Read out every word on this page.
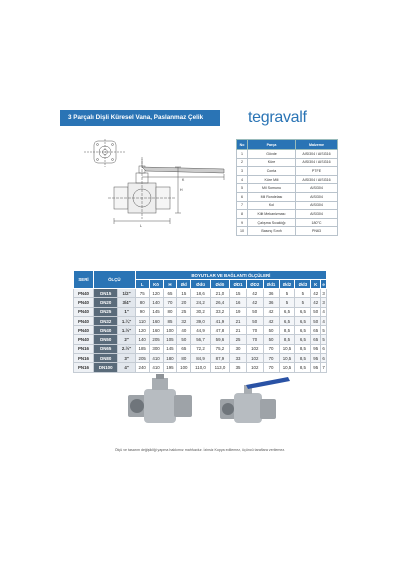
3 Parçalı Dişli Küresel Vana, Paslanmaz Çelik	tegravalf
L
H
K
No	Parça	Malzeme
1	Gövde	AISI304 / AISI316
2	Küre	AISI304 / AISI316
3	Conta	PTFE
4	Küre Mili	AISI304 / AISI316
5	Mil Somunu	AISI304
6	Mil Rondelası	AISI304
7	Kol	AISI304
8	Kilit Mekanizması	AISI304
9	Çalışma Sıcaklığı	180°C
10	Basınç Sınıfı	PN63
SERİ	ÖLÇÜ		BOYUTLAR VE BAĞLANTI ÖLÇÜLERİ												
			L	Kö	H	Ød	Ødü	Ødö	ØD1	ØD2	Ød1	Ød2	Ød3	K	e
PN40	DN15	1/2"	75	120	65	15	18,6	21,0	15	42	36	5	5	42	3
PN40	DN20	3/4"	80	140	70	20	24,2	26,4	16	42	36	5	5	42	3
PN40	DN25	1"	90	145	80	25	30,2	33,2	19	50	42	6,5	6,5	50	4
PN40	DN32	1.¼"	110	160	85	32	39,0	41,9	21	50	42	6,5	6,5	50	4
PN40	DN40	1.½"	120	160	100	40	44,9	47,8	21	70	50	8,5	6,5	65	5
PN40	DN50	2"	140	205	105	50	56,7	59,6	25	70	50	8,5	6,5	65	5
PN16	DN65	2.½"	185	300	145	65	72,2	75,2	30	102	70	10,5	8,5	95	6
PN16	DN80	3"	205	410	180	80	84,9	87,9	33	102	70	10,5	8,5	95	6
PN16	DN100	4"	240	410	195	100	110,0	113,0	35	102	70	10,5	8,5	95	7
Ölçü ve tasarım değişikliği yapma hakkımız mahfuzdur. İzinsiz Kopya edilemez, üçüncü taraflara verilemez.
